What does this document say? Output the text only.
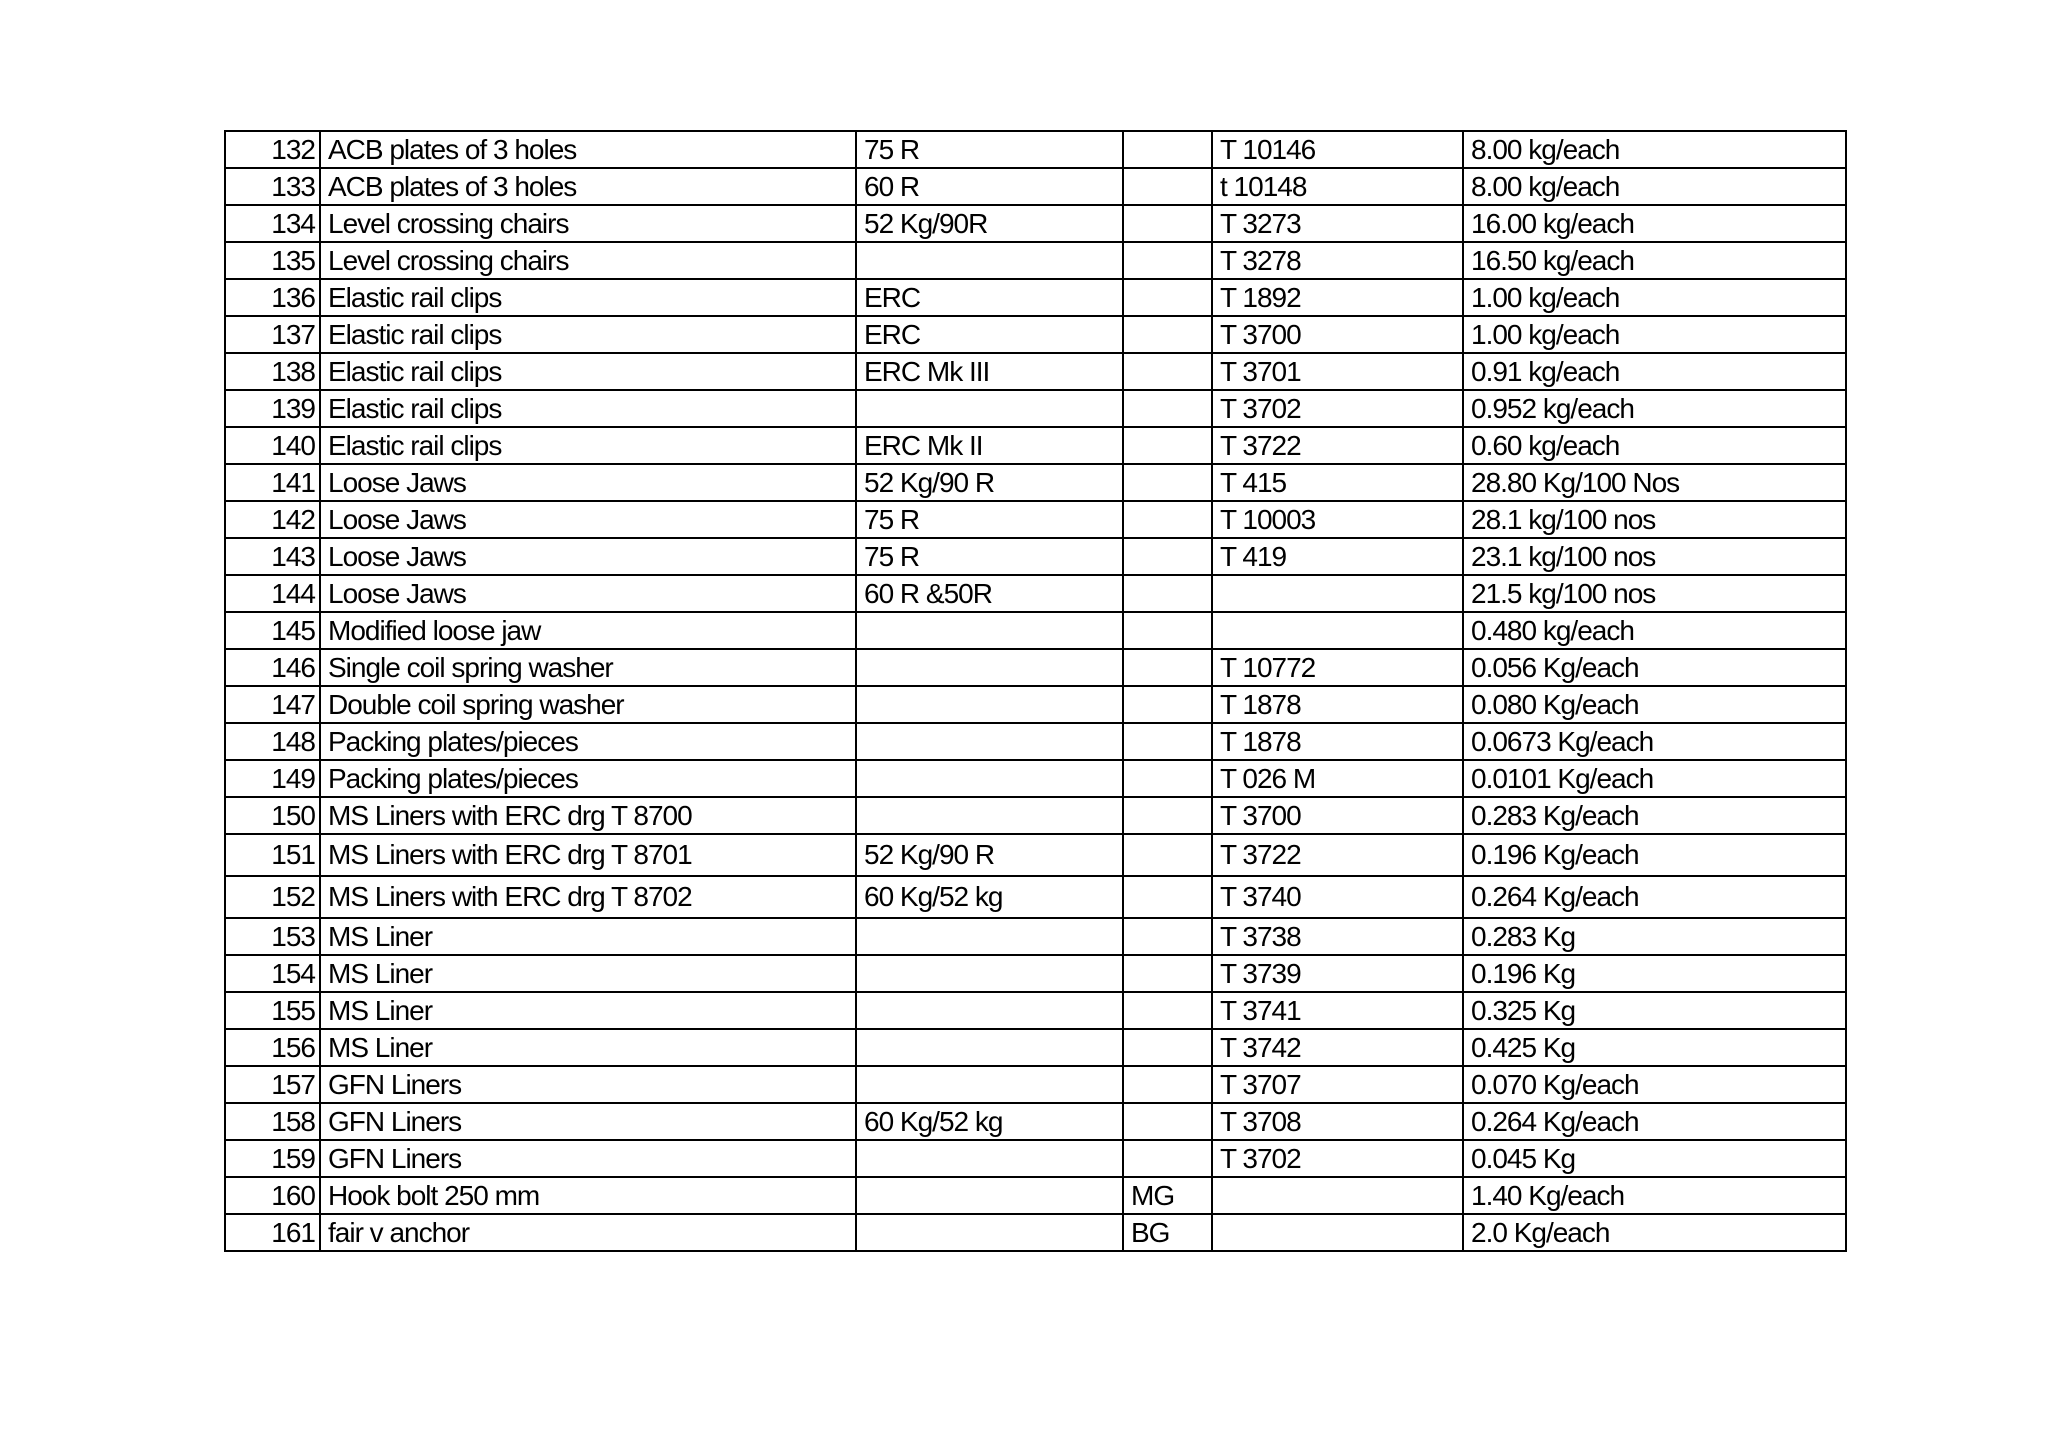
132	ACB plates of 3 holes	75 R		T 10146	8.00 kg/each
133	ACB plates of 3 holes	60 R		t 10148	8.00 kg/each
134	Level crossing chairs	52 Kg/90R		T 3273	16.00 kg/each
135	Level crossing chairs			T 3278	16.50 kg/each
136	Elastic rail clips	ERC		T 1892	1.00 kg/each
137	Elastic rail clips	ERC		T 3700	1.00 kg/each
138	Elastic rail clips	ERC Mk III		T 3701	0.91 kg/each
139	Elastic rail clips			T 3702	0.952 kg/each
140	Elastic rail clips	ERC Mk II		T 3722	0.60 kg/each
141	Loose Jaws	52 Kg/90 R		T 415	28.80 Kg/100 Nos
142	Loose Jaws	75 R		T 10003	28.1 kg/100 nos
143	Loose Jaws	75 R		T 419	23.1 kg/100 nos
144	Loose Jaws	60 R &50R			21.5 kg/100 nos
145	Modified loose jaw				0.480 kg/each
146	Single coil spring washer			T 10772	0.056 Kg/each
147	Double coil spring washer			T 1878	0.080 Kg/each
148	Packing plates/pieces			T 1878	0.0673 Kg/each
149	Packing plates/pieces			T 026 M	0.0101 Kg/each
150	MS Liners with ERC drg T 8700			T 3700	0.283 Kg/each
151	MS Liners with ERC drg T 8701	52 Kg/90 R		T 3722	0.196 Kg/each
152	MS Liners with ERC drg T 8702	60 Kg/52 kg		T 3740	0.264 Kg/each
153	MS Liner			T 3738	0.283 Kg
154	MS Liner			T 3739	0.196 Kg
155	MS Liner			T 3741	0.325 Kg
156	MS Liner			T 3742	0.425 Kg
157	GFN Liners			T 3707	0.070 Kg/each
158	GFN Liners	60 Kg/52 kg		T 3708	0.264 Kg/each
159	GFN Liners			T 3702	0.045 Kg
160	Hook bolt 250 mm		MG		1.40 Kg/each
161	fair v anchor		BG		2.0 Kg/each
